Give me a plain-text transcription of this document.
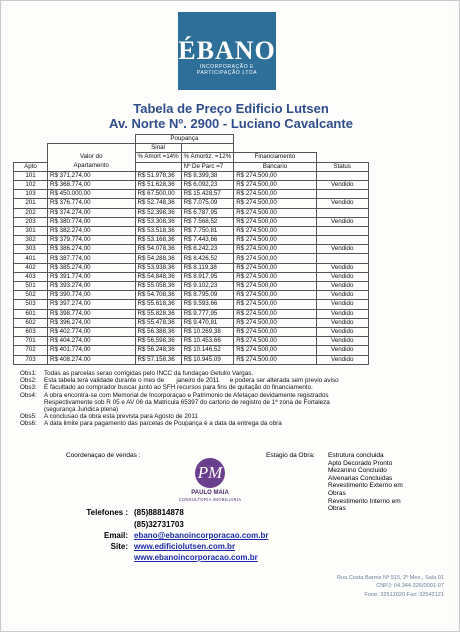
ÉBANO
INCORPORAÇÃO E
PARTICIPAÇÃO LTDA
Tabela de Preço Edificio Lutsen
Av. Norte Nº. 2900 - Luciano Cavalcante
		Poupança			
		Sinal			
	Valor do	% Amort = 14%	% Amortiz. = 12%	Financiamento	
Apto	Apartamento		Nº De Parc = 7	Bancario	Status
101	R$ 371.274,00	R$ 51.978,36	R$ 8.399,38	R$ 274.500,00	
102	R$ 368.774,00	R$ 51.628,36	R$ 6.092,23	R$ 274.500,00	Vendido
103	R$ 450.000,00	R$ 67.500,00	R$ 15.428,57	R$ 274.500,00	
201	R$ 376.774,00	R$ 52.748,36	R$ 7.075,09	R$ 274.500,00	Vendido
202	R$ 374.274,00	R$ 52.398,36	R$ 6.787,95	R$ 274.500,00	
203	R$ 380.774,00	R$ 53.308,36	R$ 7.568,52	R$ 274.500,00	Vendido
301	R$ 382.274,00	R$ 53.518,36	R$ 7.750,81	R$ 274.500,00	
302	R$ 379.774,00	R$ 53.168,36	R$ 7.443,66	R$ 274.500,00	
303	R$ 386.274,00	R$ 54.078,36	R$ 8.242,23	R$ 274.500,00	Vendido
401	R$ 387.774,00	R$ 54.288,36	R$ 8.426,52	R$ 274.500,00	
402	R$ 385.274,00	R$ 53.938,36	R$ 8.119,38	R$ 274.500,00	Vendido
403	R$ 391.774,00	R$ 54.848,36	R$ 8.917,95	R$ 274.500,00	Vendido
501	R$ 393.274,00	R$ 55.058,36	R$ 9.102,23	R$ 274.500,00	Vendido
502	R$ 390.774,00	R$ 54.708,36	R$ 8.795,09	R$ 274.500,00	Vendido
503	R$ 397.274,00	R$ 55.618,36	R$ 9.593,66	R$ 274.500,00	Vendido
601	R$ 398.774,00	R$ 55.828,36	R$ 9.777,95	R$ 274.500,00	Vendido
602	R$ 396.274,00	R$ 55.478,36	R$ 9.470,81	R$ 274.500,00	Vendido
603	R$ 402.774,00	R$ 56.388,36	R$ 10.269,38	R$ 274.500,00	Vendido
701	R$ 404.274,00	R$ 56.598,36	R$ 10.453,66	R$ 274.500,00	Vendido
702	R$ 401.774,00	R$ 56.248,36	R$ 10.146,52	R$ 274.500,00	Vendido
703	R$ 408.274,00	R$ 57.158,36	R$ 10.945,09	R$ 274.500,00	Vendido
Obs1:	Todas as parcelas serao corrigidas pelo INCC da fundaçao Getulio Vargas.
Obs2:	Esta tabela terá validade durante o mes de       janeiro de 2011      e podera ser alterada sem previo aviso
Obs3:	É facultado ao comprador buscar junto ao SFH recursos para fins de quitação do financiamento.
Obs4:	A obra encontra-se com Memorial de Incorporaçao e Patrimonio de Afetaçao devidamente registrados
Respectivamente sob R 05 e AV 06 da Matricula 65397 do cartorio de registro de 1ª zona de Fortaleza
(segurança Juridica plena)
Obs5:	A conclusao da obra esta prevista para Agosto de 2011
Obs6:	A data limite para pagamento das parcelas de Poupança é a data da entrega da obra
Coordenaçao de vendas :
PM
PAULO MAIA
CONSULTORIA IMOBILIARIA
Estagio da Obra: Estrutura concluida
Apto Decorado Pronto
Mezanino Concluido
Alvenarias Concluidas
Revestimento Externo em
Obras
Revestimento Interno em
Obras
Telefones : (85)88814878
(85)32731703
Email: ebano@ebanoincorporacao.com.br
Site: www.edificiolutsen.com.br
www.ebanoincorporacao.com.br
Rua Costa Barros Nº 915, 2º Mez., Sala 01
CNPJ: 04.344.326/0001-97
Fone: 32512020 Fax: 32542121
